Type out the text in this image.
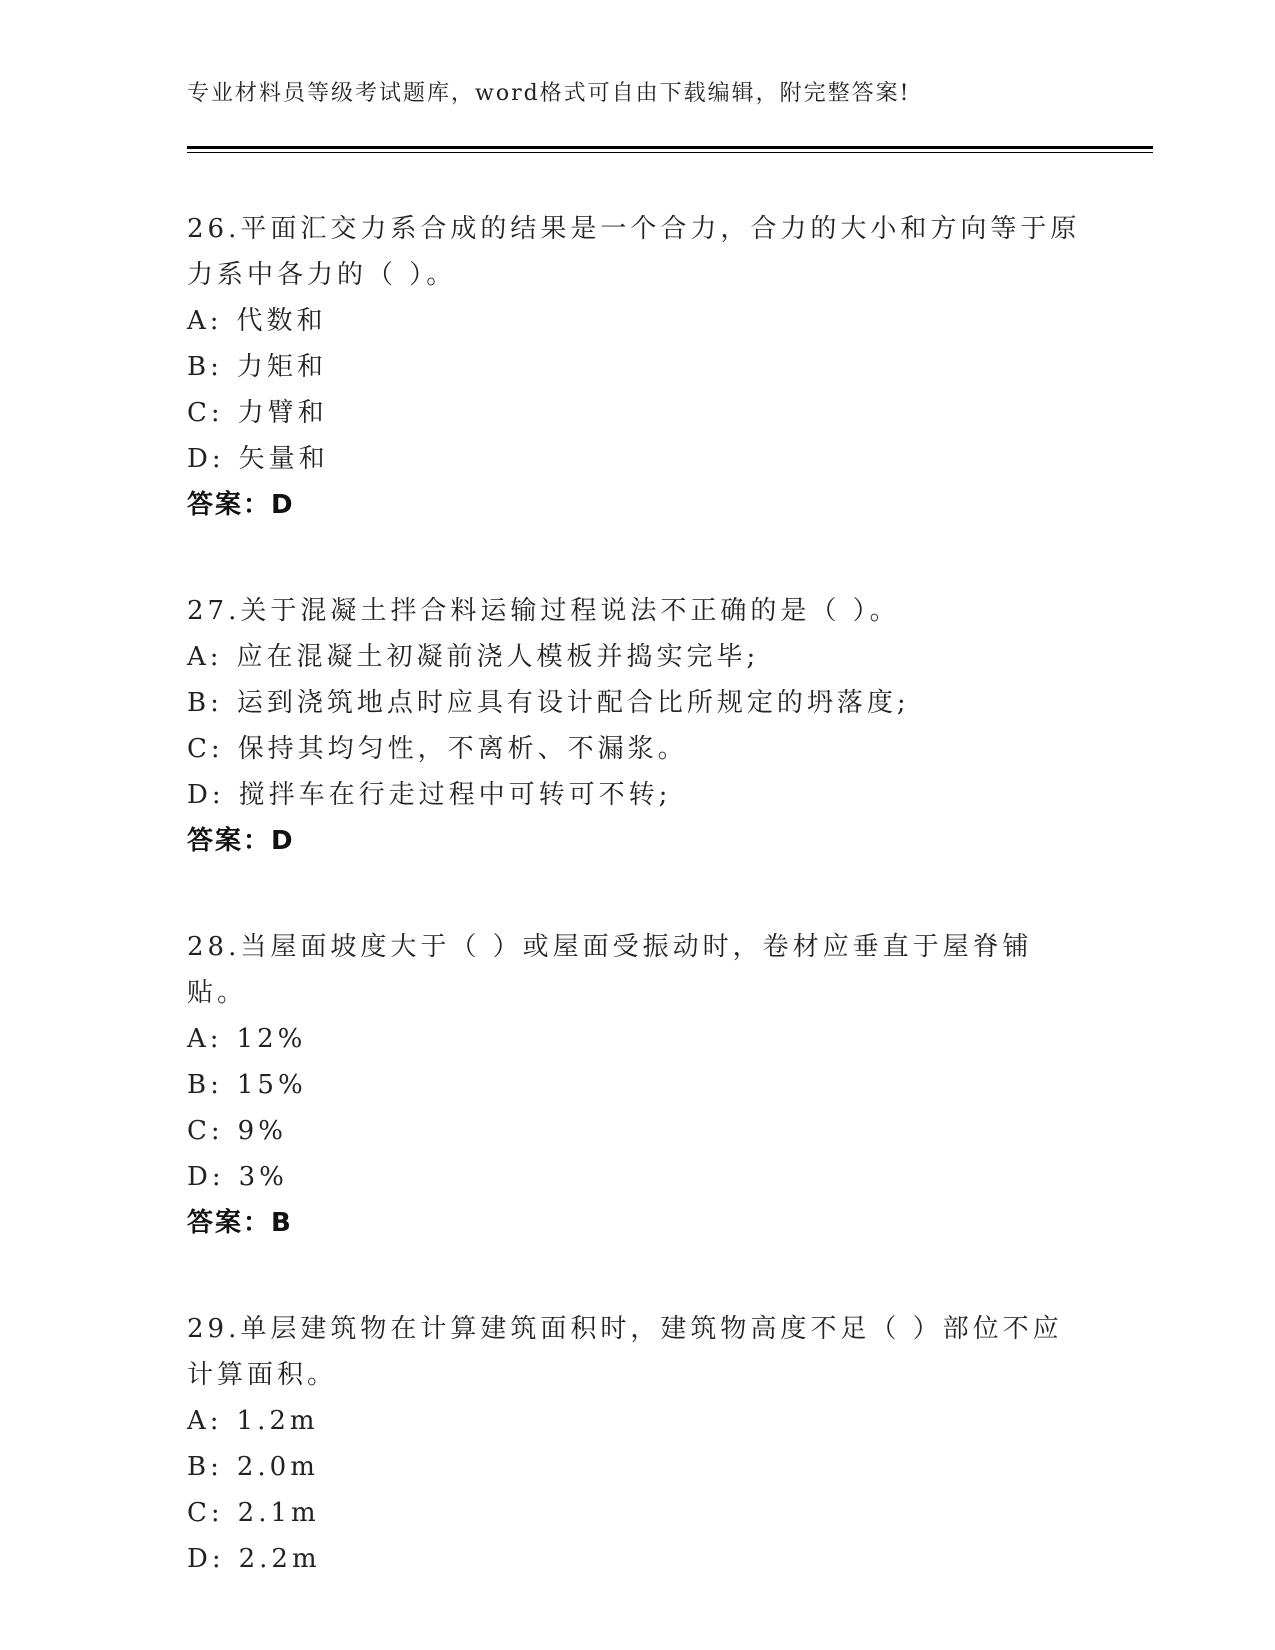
专业材料员等级考试题库，word格式可自由下载编辑，附完整答案!

26.平面汇交力系合成的结果是一个合力，合力的大小和方向等于原力系中各力的（ ）。

A: 代数和

B: 力矩和

C: 力臂和

D: 矢量和

答案：D

27.关于混凝土拌合料运输过程说法不正确的是（ ）。

A: 应在混凝土初凝前浇人模板并捣实完毕;

B: 运到浇筑地点时应具有设计配合比所规定的坍落度;

C: 保持其均匀性，不离析、不漏浆。

D: 搅拌车在行走过程中可转可不转;

答案：D

28.当屋面坡度大于（ ）或屋面受振动时，卷材应垂直于屋脊铺贴。

A: 12%

B: 15%

C: 9%

D: 3%

答案：B

29.单层建筑物在计算建筑面积时，建筑物高度不足（ ）部位不应计算面积。

A: 1.2m

B: 2.0m

C: 2.1m

D: 2.2m
